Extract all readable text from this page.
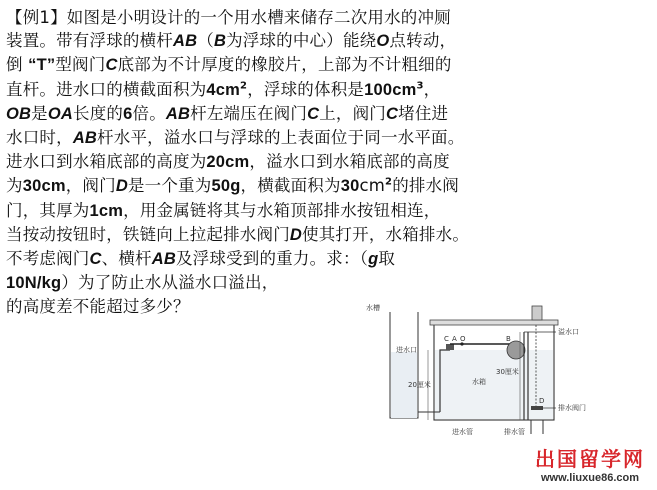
【例1】如图是小明设计的一个用水槽来储存二次用水的冲厕
装置。带有浮球的横杆AB（B为浮球的中心）能绕O点转动，
倒 “T”型阀门C底部为不计厚度的橡胶片，上部为不计粗细的
直杆。进水口的横截面积为$4cm^2$，浮球的体积是$100cm^3$，
OB是OA长度的6倍。AB杆左端压在阀门C上，阀门C堵住进
水口时，AB杆水平，溢水口与浮球的上表面位于同一水平面。
进水口到水箱底部的高度为20cm，溢水口到水箱底部的高度
为30cm，阀门D是一个重为50g，横截面积为$30cm^2$的排水阀
门，其厚为1cm，用金属链将其与水箱顶部排水按钮相连，
当按动按钮时，铁链向上拉起排水阀门D使其打开，水箱排水。
不考虑阀门C、横杆AB及浮球受到的重力。求：（g取
10N/kg）为了防止水从溢水口溢出，
的高度差不能超过多少？	水槽
溢水口
排水阀门
排水管
进水管
20厘米
30厘米
进水口
水箱
C A O	B
D
出国留学网
www.liuxue86.com
